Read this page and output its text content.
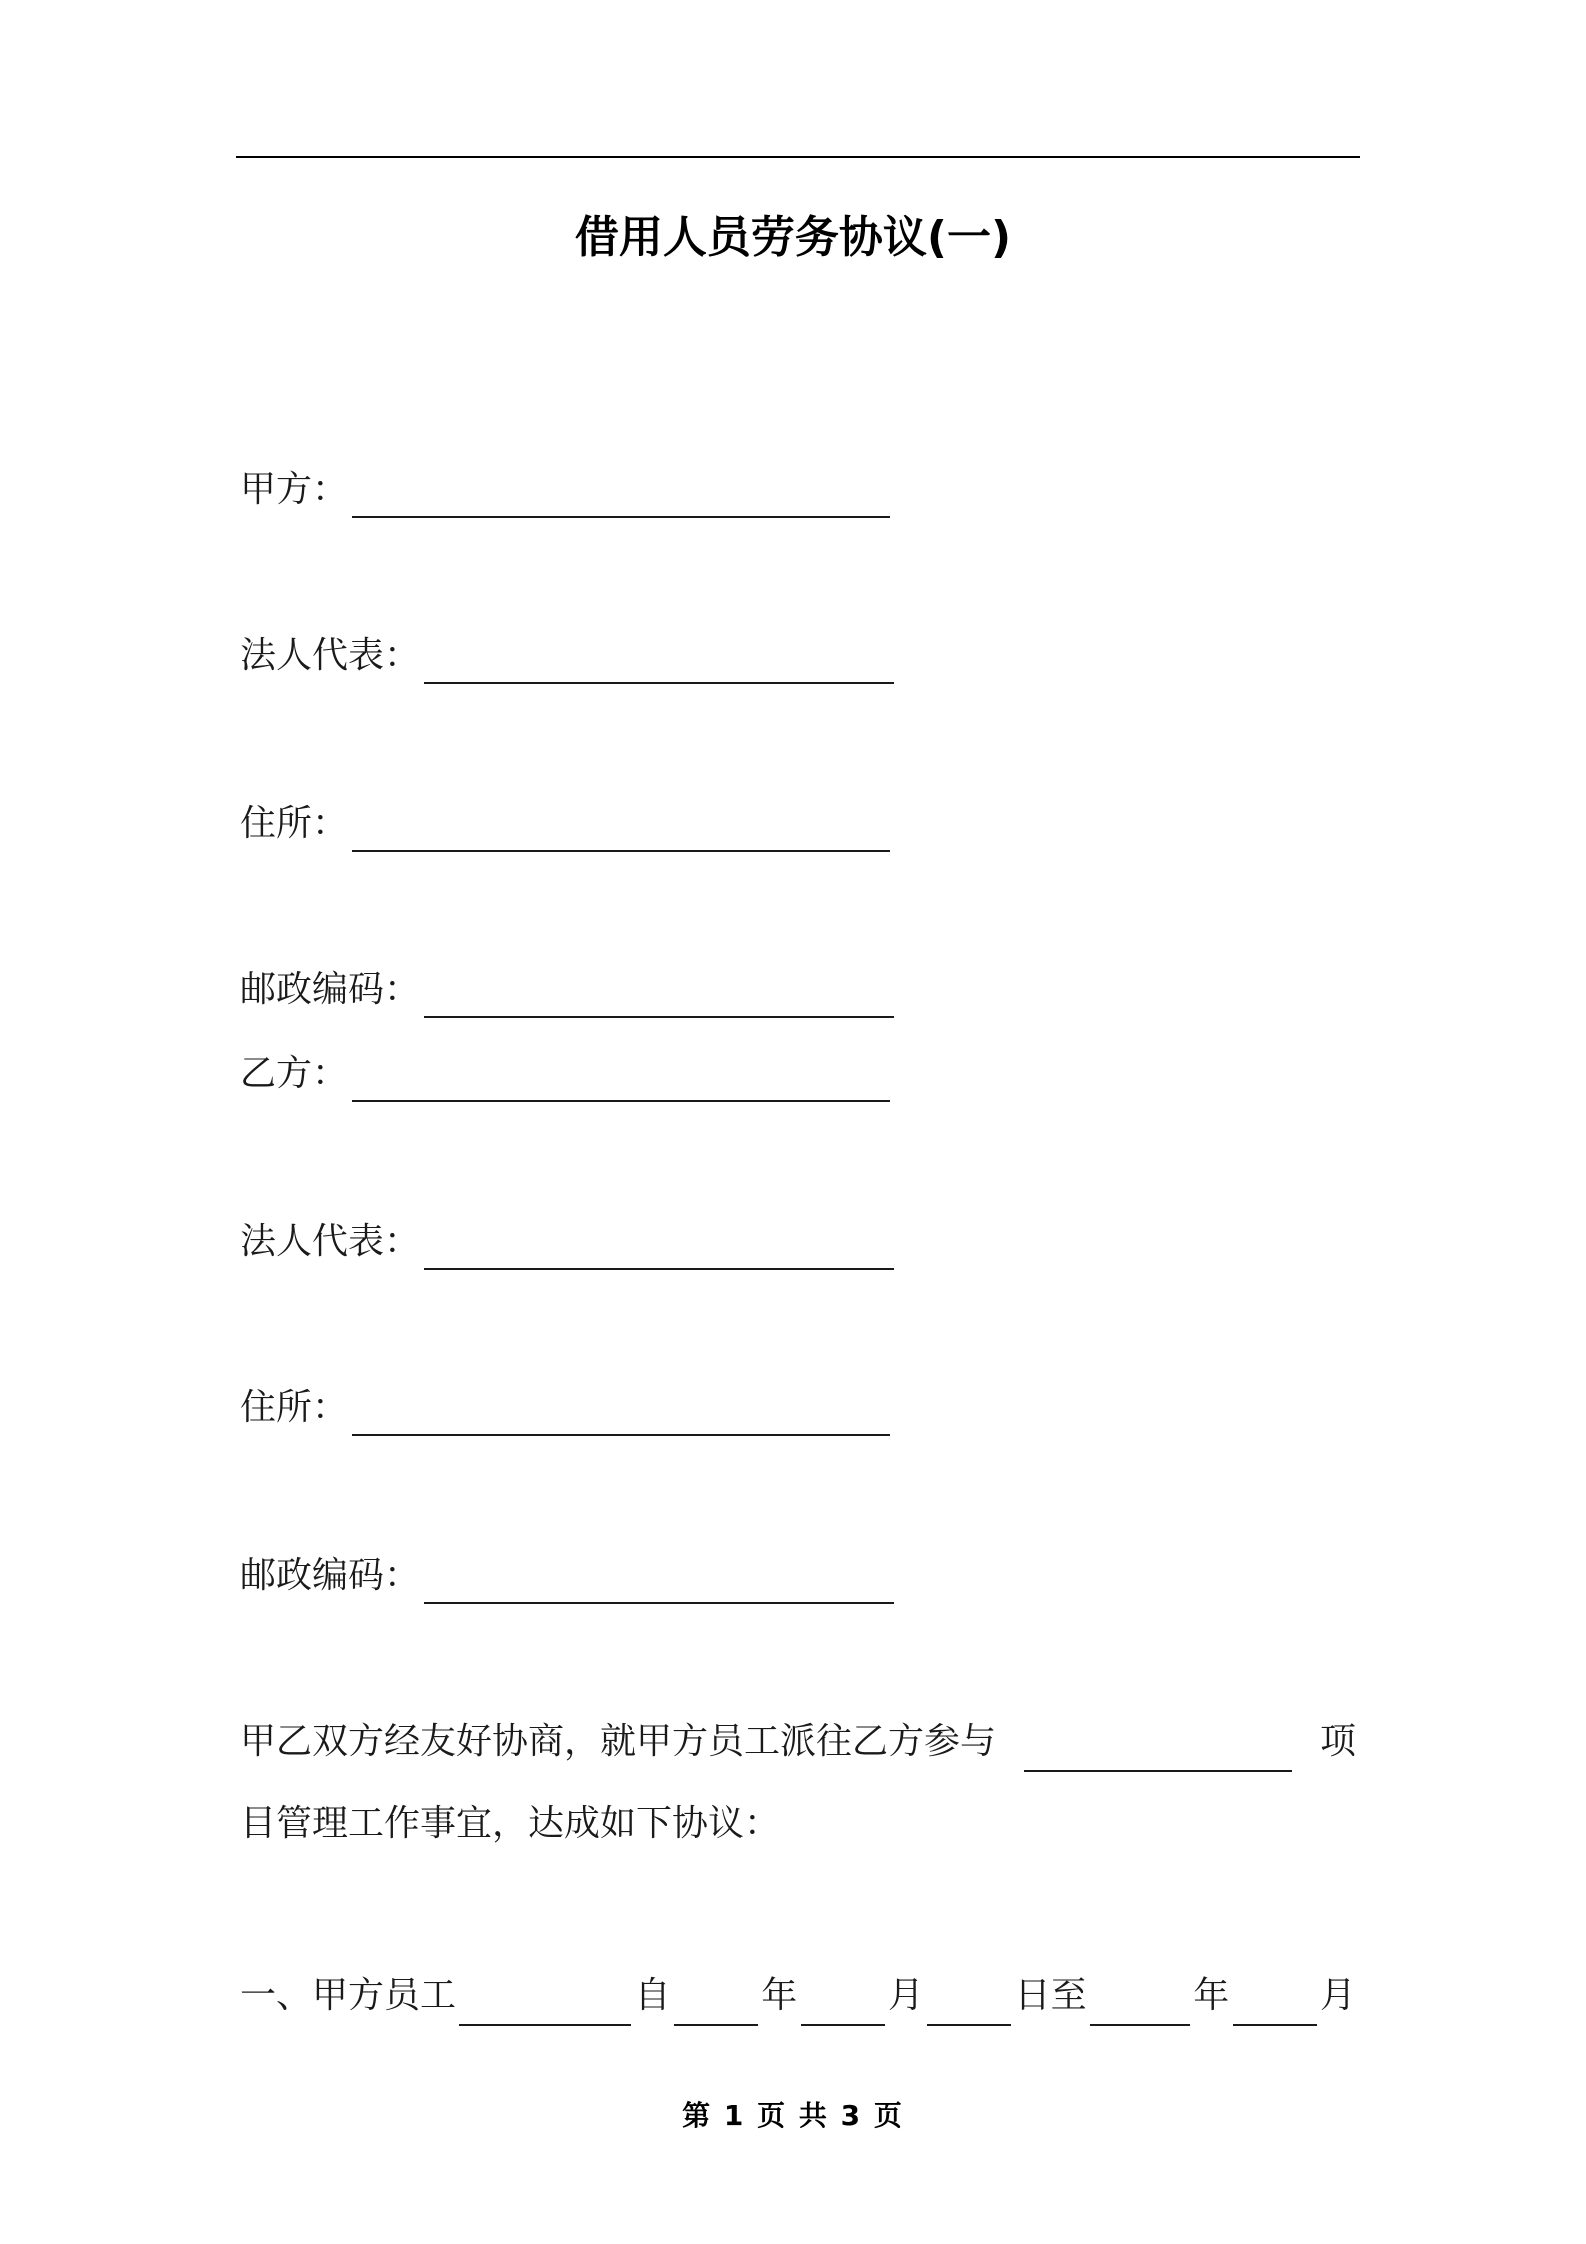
借用人员劳务协议(一)
甲方：
法人代表：
住所：
邮政编码：
乙方：
法人代表：
住所：
邮政编码：
甲乙双方经友好协商，就甲方员工派往乙方参与	项
目管理工作事宜，达成如下协议：
一、甲方员工	自	年	月	日至	年	月
第 1 页 共 3 页
